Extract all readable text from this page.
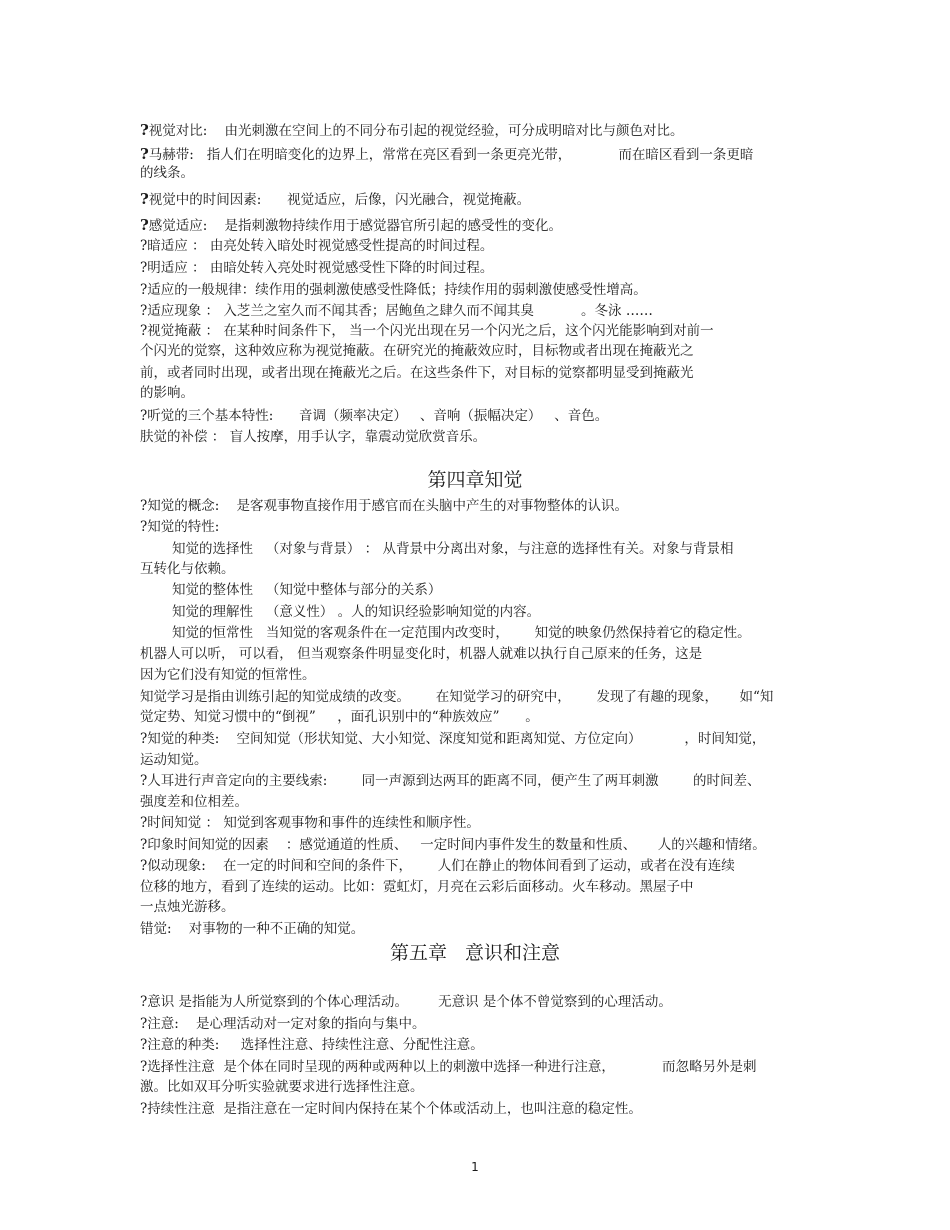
?视觉对比:    由光刺激在空间上的不同分布引起的视觉经验，可分成明暗对比与颜色对比。
?马赫带:   指人们在明暗变化的边界上，常常在亮区看到一条更亮光带，           而在暗区看到一条更暗
的线条。
?视觉中的时间因素:      视觉适应，后像，闪光融合，视觉掩蔽。
?感觉适应:    是指刺激物持续作用于感觉器官所引起的感受性的变化。
?暗适应 ： 由亮处转入暗处时视觉感受性提高的时间过程。
?明适应 ： 由暗处转入亮处时视觉感受性下降的时间过程。
?适应的一般规律：续作用的强刺激使感受性降低；持续作用的弱刺激使感受性增高。
?适应现象 ： 入芝兰之室久而不闻其香；居鲍鱼之肆久而不闻其臭           。冬泳 ……
?视觉掩蔽 ： 在某种时间条件下， 当一个闪光出现在另一个闪光之后，这个闪光能影响到对前一
个闪光的觉察，这种效应称为视觉掩蔽。在研究光的掩蔽效应时，目标物或者出现在掩蔽光之
前，或者同时出现，或者出现在掩蔽光之后。在这些条件下，对目标的觉察都明显受到掩蔽光
的影响。
?听觉的三个基本特性:      音调（频率决定）   、音响（振幅决定）   、音色。
肤觉的补偿 ： 盲人按摩，用手认字，靠震动觉欣赏音乐。
第四章知觉
?知觉的概念:    是客观事物直接作用于感官而在头脑中产生的对事物整体的认识。
?知觉的特性:
知觉的选择性   （对象与背景） ： 从背景中分离出对象，与注意的选择性有关。对象与背景相
互转化与依赖。
知觉的整体性   （知觉中整体与部分的关系）
知觉的理解性   （意义性） 。人的知识经验影响知觉的内容。
知觉的恒常性   当知觉的客观条件在一定范围内改变时，      知觉的映象仍然保持着它的稳定性。
机器人可以听， 可以看， 但当观察条件明显变化时，机器人就难以执行自己原来的任务，这是
因为它们没有知觉的恒常性。
知觉学习是指由训练引起的知觉成绩的改变。      在知觉学习的研究中，      发现了有趣的现象，     如“知
觉定势、知觉习惯中的“倒视”     ，面孔识别中的“种族效应”      。
?知觉的种类:    空间知觉（形状知觉、大小知觉、深度知觉和距离知觉、方位定向）          ，时间知觉，
运动知觉。
?人耳进行声音定向的主要线索:        同一声源到达两耳的距离不同，便产生了两耳刺激        的时间差、
强度差和位相差。
?时间知觉 ： 知觉到客观事物和事件的连续性和顺序性。
?印象时间知觉的因素    ：感觉通道的性质、   一定时间内事件发生的数量和性质、     人的兴趣和情绪。
?似动现象:    在一定的时间和空间的条件下，      人们在静止的物体间看到了运动，或者在没有连续
位移的地方，看到了连续的运动。比如：霓虹灯，月亮在云彩后面移动。火车移动。黑屋子中
一点烛光游移。
错觉:    对事物的一种不正确的知觉。
第五章   意识和注意
?意识 是指能为人所觉察到的个体心理活动。       无意识 是个体不曾觉察到的心理活动。
?注意:    是心理活动对一定对象的指向与集中。
?注意的种类:     选择性注意、持续性注意、分配性注意。
?选择性注意  是个体在同时呈现的两种或两种以上的刺激中选择一种进行注意，           而忽略另外是刺
激。比如双耳分听实验就要求进行选择性注意。
?持续性注意  是指注意在一定时间内保持在某个个体或活动上，也叫注意的稳定性。
1
